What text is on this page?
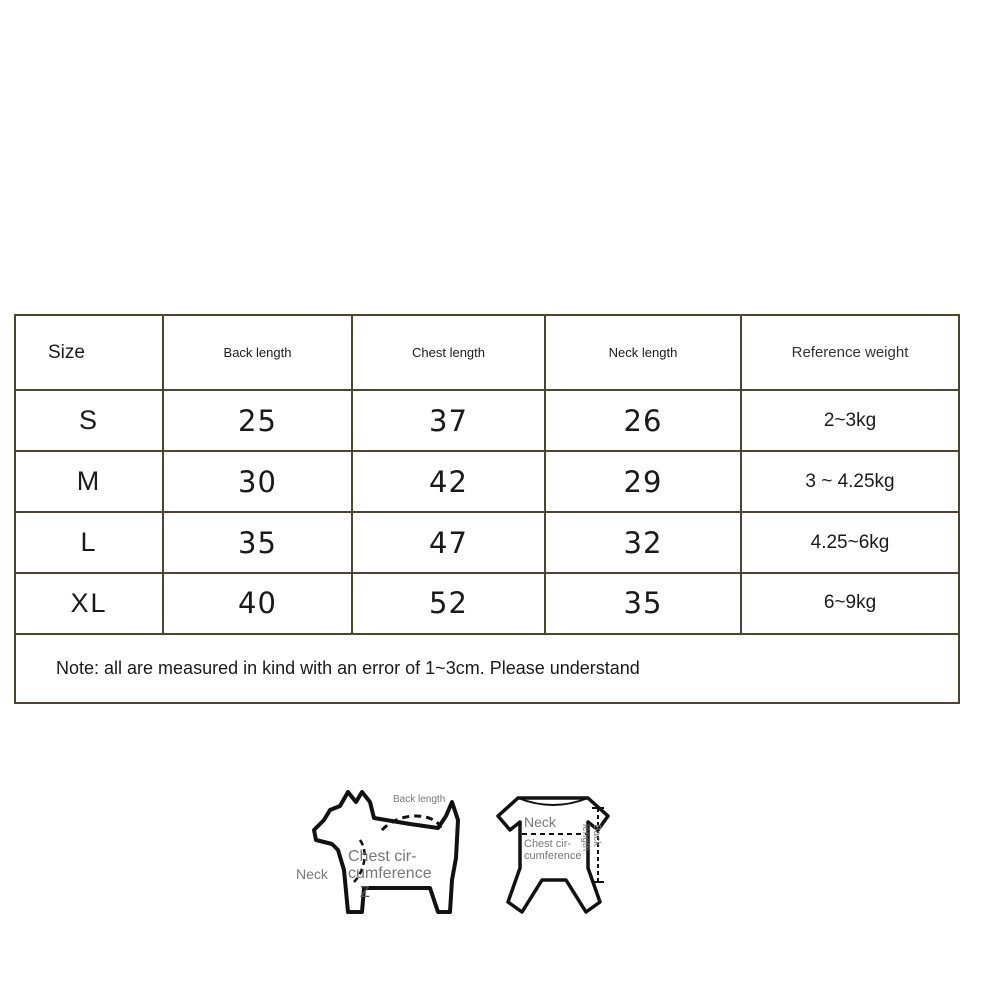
Size	Back length	Chest length	Neck length	Reference weight
S	25	37	26	2~3kg
M	30	42	29	3 ~ 4.25kg
L	35	47	32	4.25~6kg
XL	40	52	35	6~9kg
Note: all are measured in kind with an error of 1~3cm. Please understand				
Back length
Neck
Chest cir-
cumference
Z
Neck
Chest cir-
cumference
Back
length
